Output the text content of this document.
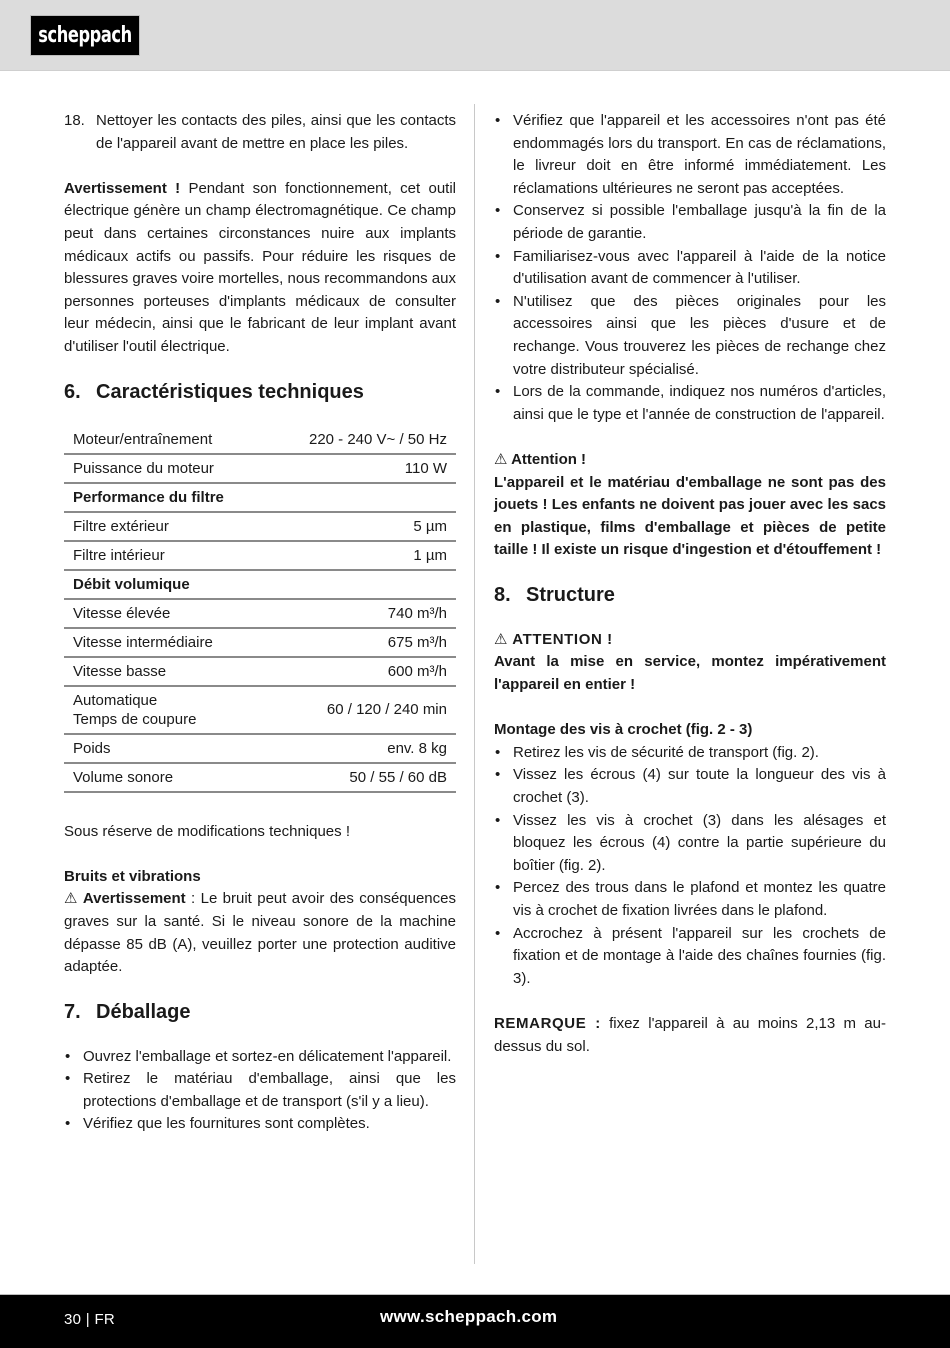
scheppach
18. Nettoyer les contacts des piles, ainsi que les contacts de l'appareil avant de mettre en place les piles.

Avertissement ! Pendant son fonctionnement, cet outil électrique génère un champ électromagnétique. Ce champ peut dans certaines circonstances nuire aux implants médicaux actifs ou passifs. Pour réduire les risques de blessures graves voire mortelles, nous recommandons aux personnes porteuses d'implants médicaux de consulter leur médecin, ainsi que le fabricant de leur implant avant d'utiliser l'outil électrique.

6. Caractéristiques techniques
Moteur/entraînement	220 - 240 V~ / 50 Hz
Puissance du moteur	110 W
Performance du filtre	
Filtre extérieur	5 µm
Filtre intérieur	1 µm
Débit volumique	
Vitesse élevée	740 m³/h
Vitesse intermédiaire	675 m³/h
Vitesse basse	600 m³/h

Automatique
Temps de coupure	60 / 120 / 240 min
Poids	env. 8 kg
Volume sonore	50 / 55 / 60 dB

Sous réserve de modifications techniques !

Bruits et vibrations

⚠ Avertissement : Le bruit peut avoir des conséquences graves sur la santé. Si le niveau sonore de la machine dépasse 85 dB (A), veuillez porter une protection auditive adaptée.

7. Déballage
• Ouvrez l'emballage et sortez-en délicatement l'appareil.
• Retirez le matériau d'emballage, ainsi que les protections d'emballage et de transport (s'il y a lieu).
• Vérifiez que les fournitures sont complètes.
• Vérifiez que l'appareil et les accessoires n'ont pas été endommagés lors du transport. En cas de réclamations, le livreur doit en être informé immédiatement. Les réclamations ultérieures ne seront pas acceptées.
• Conservez si possible l'emballage jusqu'à la fin de la période de garantie.
• Familiarisez-vous avec l'appareil à l'aide de la notice d'utilisation avant de commencer à l'utiliser.
• N'utilisez que des pièces originales pour les accessoires ainsi que les pièces d'usure et de rechange. Vous trouverez les pièces de rechange chez votre distributeur spécialisé.
• Lors de la commande, indiquez nos numéros d'articles, ainsi que le type et l'année de construction de l'appareil.

⚠ Attention !

L'appareil et le matériau d'emballage ne sont pas des jouets ! Les enfants ne doivent pas jouer avec les sacs en plastique, films d'emballage et pièces de petite taille ! Il existe un risque d'ingestion et d'étouffement !

8. Structure

⚠ ATTENTION !

Avant la mise en service, montez impérativement l'appareil en entier !

Montage des vis à crochet (fig. 2 - 3)

• Retirez les vis de sécurité de transport (fig. 2).
• Vissez les écrous (4) sur toute la longueur des vis à crochet (3).
• Vissez les vis à crochet (3) dans les alésages et bloquez les écrous (4) contre la partie supérieure du boîtier (fig. 2).
• Percez des trous dans le plafond et montez les quatre vis à crochet de fixation livrées dans le plafond.
• Accrochez à présent l'appareil sur les crochets de fixation et de montage à l'aide des chaînes fournies (fig. 3).

REMARQUE : fixez l'appareil à au moins 2,13 m au-dessus du sol.

30 | FR	www.scheppach.com
